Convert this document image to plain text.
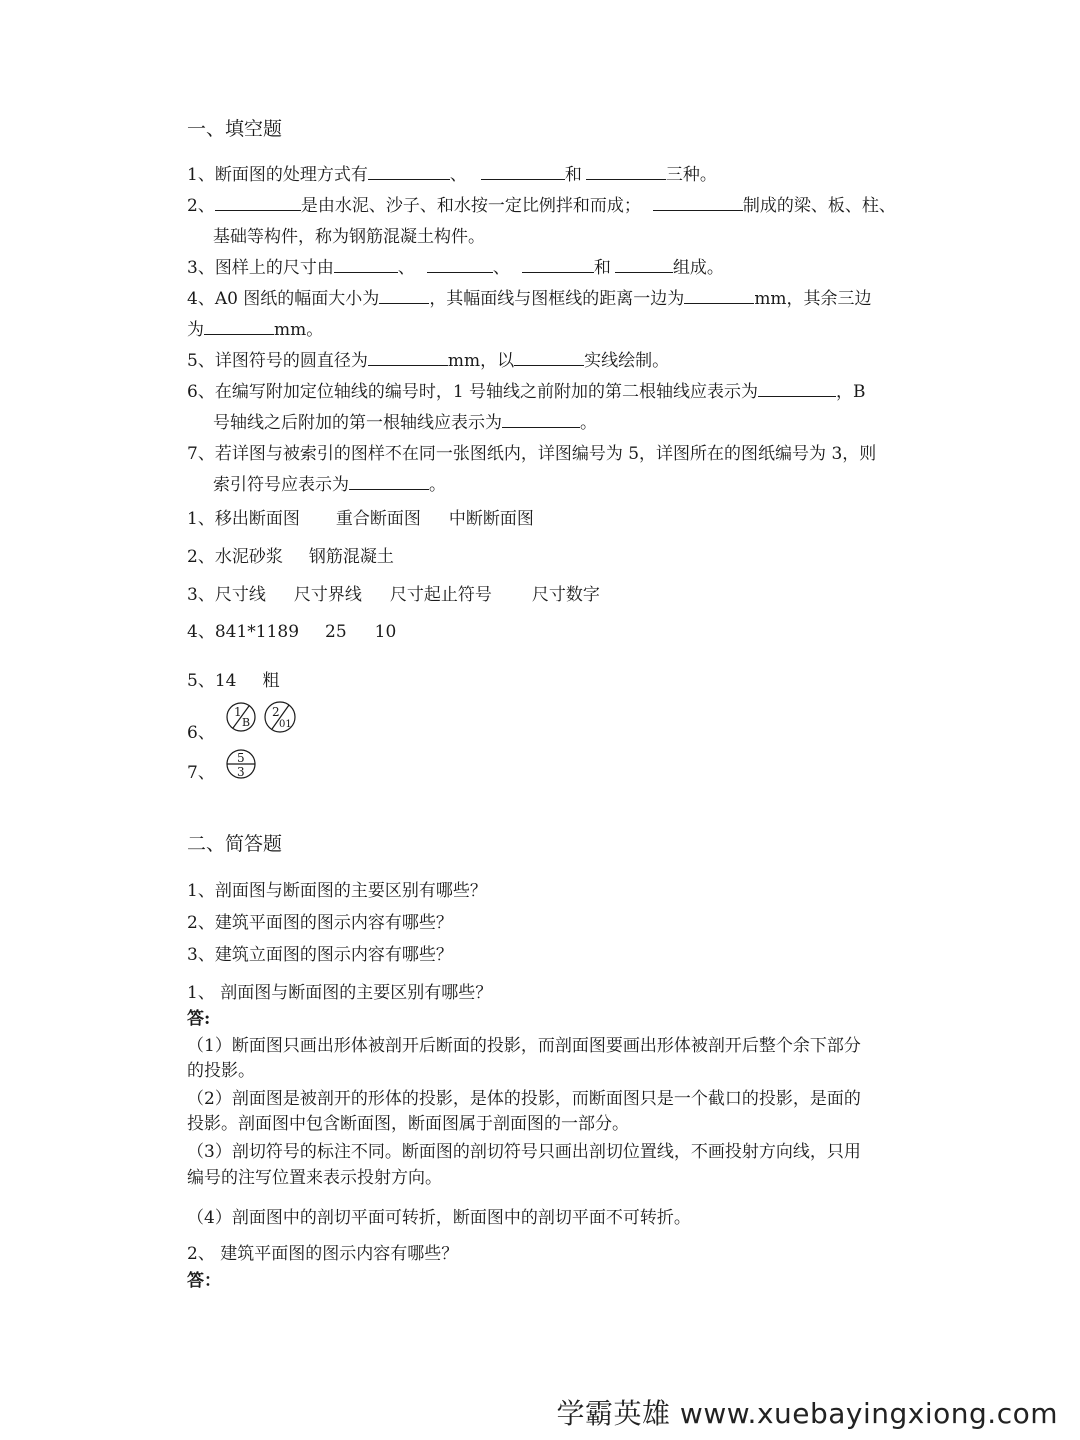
一、填空题
1、断面图的处理方式有	、	和	三种。
2、	是由水泥、沙子、和水按一定比例拌和而成；	制成的梁、板、柱、
基础等构件，称为钢筋混凝土构件。
3、图样上的尺寸由	、	、	和	组成。
4、A0 图纸的幅面大小为	，其幅面线与图框线的距离一边为	mm，其余三边
为	mm。
5、详图符号的圆直径为	mm，以	实线绘制。
6、在编写附加定位轴线的编号时，1 号轴线之前附加的第二根轴线应表示为	，B
号轴线之后附加的第一根轴线应表示为	。
7、若详图与被索引的图样不在同一张图纸内，详图编号为 5，详图所在的图纸编号为 3，则
索引符号应表示为	。
1、移出断面图 重合断面图 中断断面图
2、水泥砂浆 钢筋混凝土
3、尺寸线 尺寸界线 尺寸起止符号 尺寸数字
4、841*1189 25 10
5、14 粗
6、
1
B
2
01
7、
5
3
二、简答题
1、剖面图与断面图的主要区别有哪些？
2、建筑平面图的图示内容有哪些？
3、建筑立面图的图示内容有哪些？
1、 剖面图与断面图的主要区别有哪些？
答:
（1）断面图只画出形体被剖开后断面的投影，而剖面图要画出形体被剖开后整个余下部分
的投影。
（2）剖面图是被剖开的形体的投影，是体的投影，而断面图只是一个截口的投影，是面的
投影。剖面图中包含断面图，断面图属于剖面图的一部分。
（3）剖切符号的标注不同。断面图的剖切符号只画出剖切位置线，不画投射方向线，只用
编号的注写位置来表示投射方向。
（4）剖面图中的剖切平面可转折，断面图中的剖切平面不可转折。
2、 建筑平面图的图示内容有哪些？
答：
学霸英雄 www.xuebayingxiong.com
